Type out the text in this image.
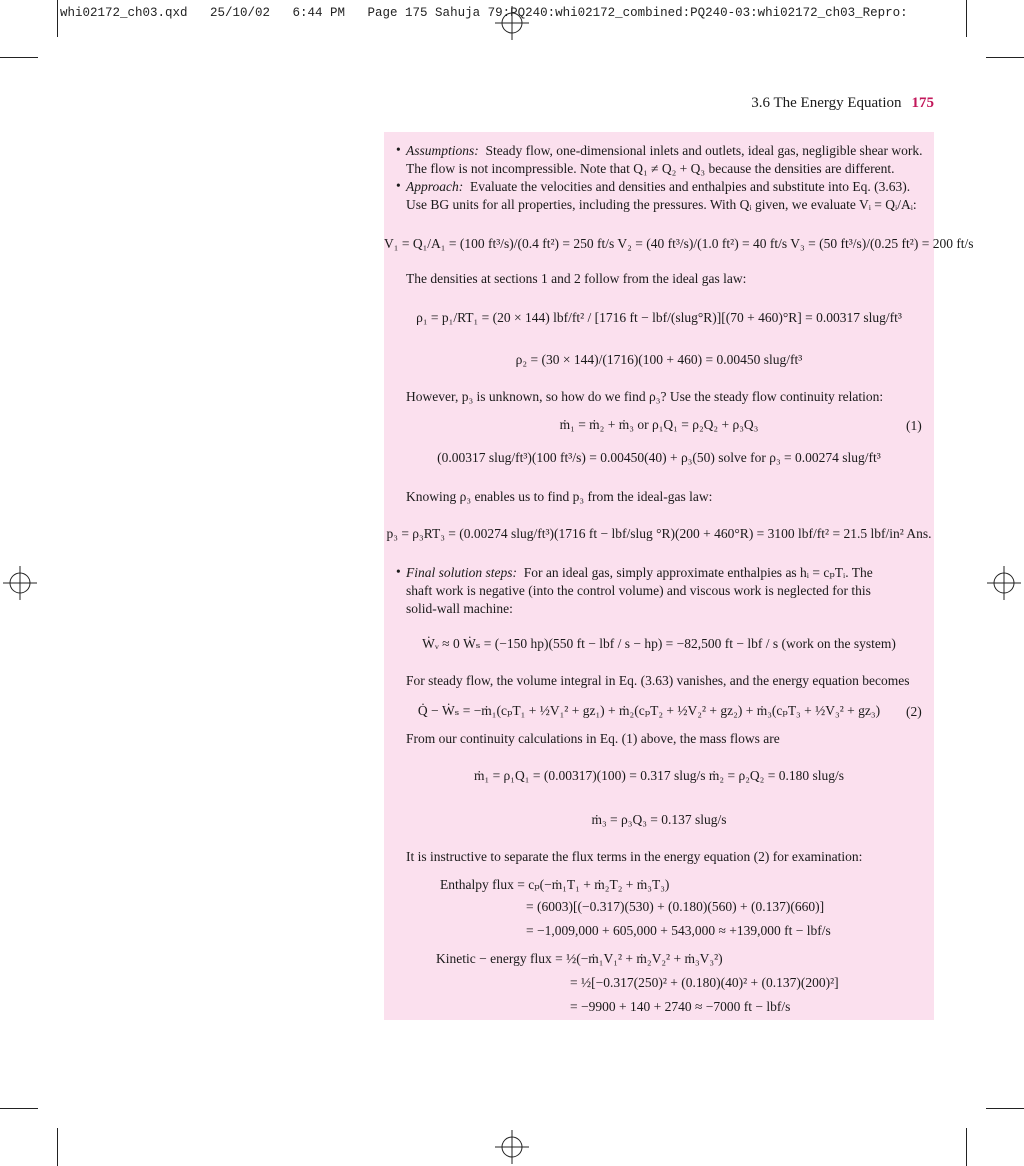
whi02172_ch03.qxd   25/10/02   6:44 PM   Page 175 Sahuja 79:PQ240:whi02172_combined:PQ240-03:whi02172_ch03_Repro:
3.6 The Energy Equation 175
• Assumptions: Steady flow, one-dimensional inlets and outlets, ideal gas, negligible shear work.
The flow is not incompressible. Note that Q₁ ≠ Q₂ + Q₃ because the densities are different.
• Approach: Evaluate the velocities and densities and enthalpies and substitute into Eq. (3.63).
Use BG units for all properties, including the pressures. With Qᵢ given, we evaluate Vᵢ = Qᵢ/Aᵢ:
V₁ = Q₁/A₁ = (100 ft³/s)/(0.4 ft²) = 250 ft/s V₂ = (40 ft³/s)/(1.0 ft²) = 40 ft/s V₃ = (50 ft³/s)/(0.25 ft²) = 200 ft/s
The densities at sections 1 and 2 follow from the ideal gas law:
ρ₁ = p₁/RT₁ = (20 × 144) lbf/ft² / [1716 ft − lbf/(slug°R)][(70 + 460)°R] = 0.00317 slug/ft³
ρ₂ = (30 × 144)/(1716)(100 + 460) = 0.00450 slug/ft³
However, p₃ is unknown, so how do we find ρ₃? Use the steady flow continuity relation:
ṁ₁ = ṁ₂ + ṁ₃ or ρ₁Q₁ = ρ₂Q₂ + ρ₃Q₃	(1)
(0.00317 slug/ft³)(100 ft³/s) = 0.00450(40) + ρ₃(50) solve for ρ₃ = 0.00274 slug/ft³
Knowing ρ₃ enables us to find p₃ from the ideal-gas law:
p₃ = ρ₃RT₃ = (0.00274 slug/ft³)(1716 ft − lbf/slug °R)(200 + 460°R) = 3100 lbf/ft² = 21.5 lbf/in² Ans.
• Final solution steps: For an ideal gas, simply approximate enthalpies as hᵢ = cₚTᵢ. The
shaft work is negative (into the control volume) and viscous work is neglected for this
solid-wall machine:
Ẇᵥ ≈ 0 Ẇₛ = (−150 hp)(550 ft − lbf / s − hp) = −82,500 ft − lbf / s (work on the system)
For steady flow, the volume integral in Eq. (3.63) vanishes, and the energy equation becomes
Q̇ − Ẇₛ = −ṁ₁(cₚT₁ + ½V₁² + gz₁) + ṁ₂(cₚT₂ + ½V₂² + gz₂) + ṁ₃(cₚT₃ + ½V₃² + gz₃)	(2)
From our continuity calculations in Eq. (1) above, the mass flows are
ṁ₁ = ρ₁Q₁ = (0.00317)(100) = 0.317 slug/s ṁ₂ = ρ₂Q₂ = 0.180 slug/s
ṁ₃ = ρ₃Q₃ = 0.137 slug/s
It is instructive to separate the flux terms in the energy equation (2) for examination:
Enthalpy flux = cₚ(−ṁ₁T₁ + ṁ₂T₂ + ṁ₃T₃)
= (6003)[(−0.317)(530) + (0.180)(560) + (0.137)(660)]
= −1,009,000 + 605,000 + 543,000 ≈ +139,000 ft − lbf/s
Kinetic − energy flux = ½(−ṁ₁V₁² + ṁ₂V₂² + ṁ₃V₃²)
= ½[−0.317(250)² + (0.180)(40)² + (0.137)(200)²]
= −9900 + 140 + 2740 ≈ −7000 ft − lbf/s
